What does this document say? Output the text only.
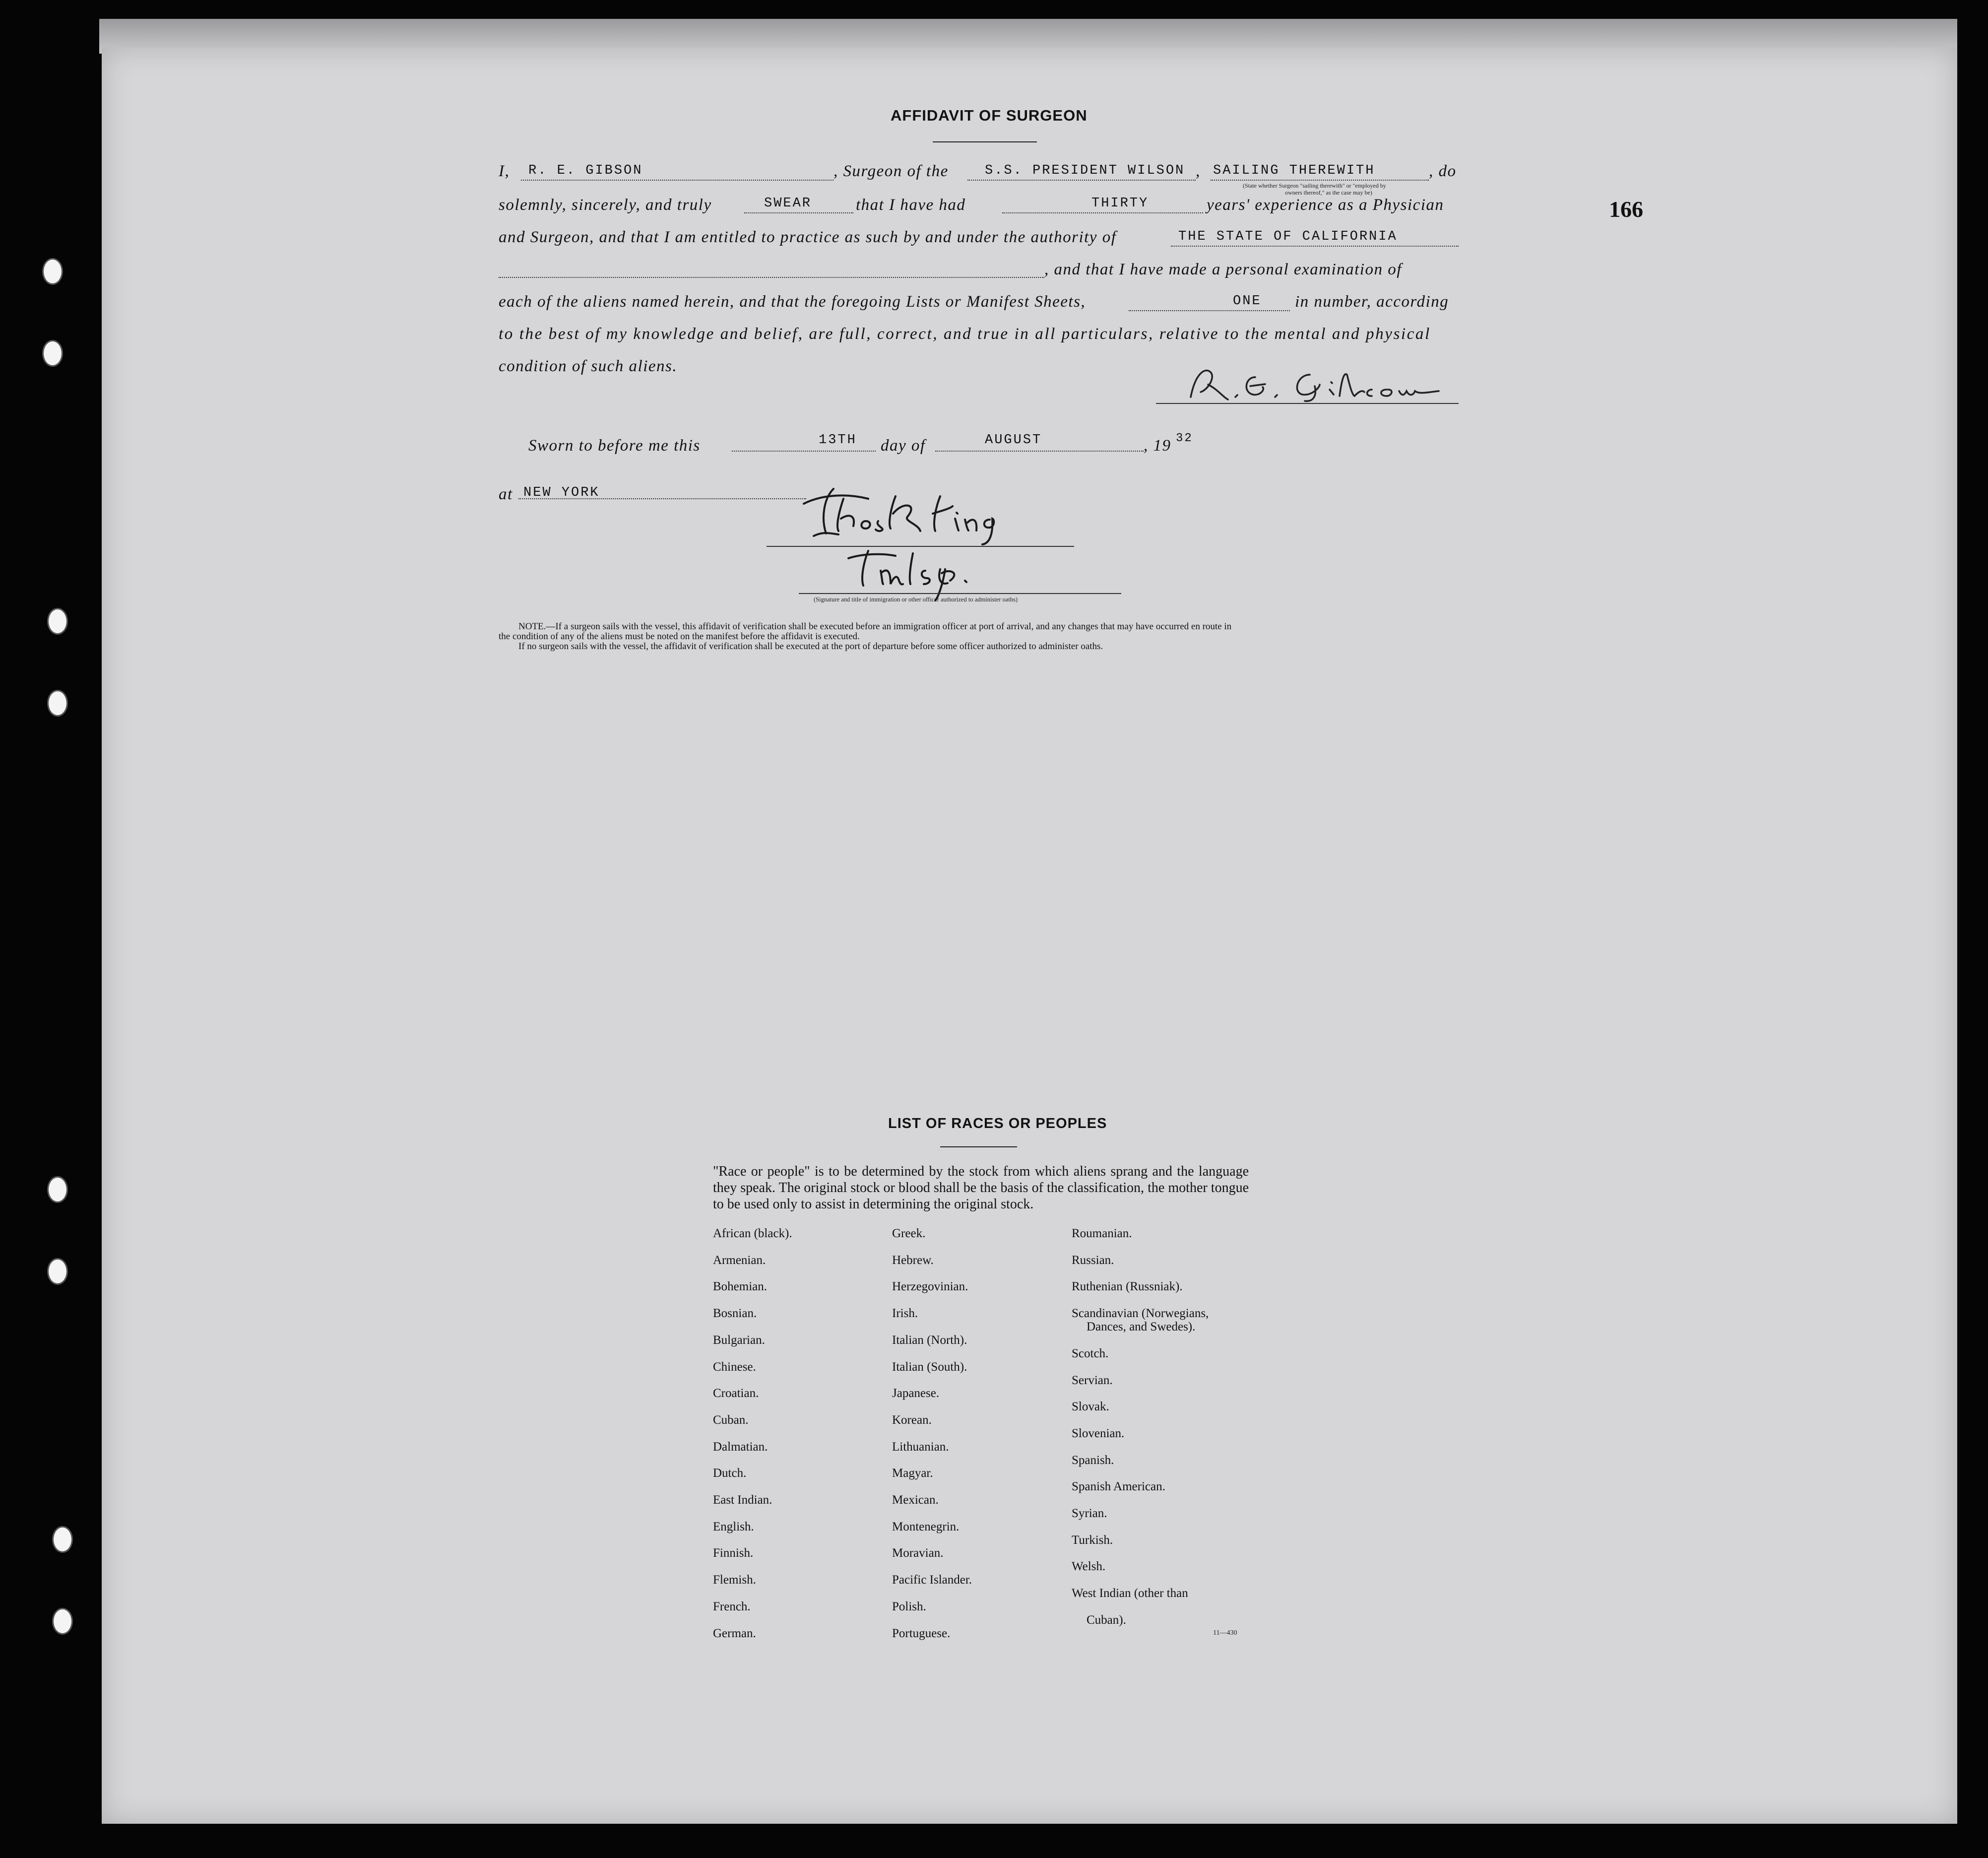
166
AFFIDAVIT OF SURGEON
I, R. E. GIBSON	, Surgeon of the	S.S. PRESIDENT WILSON , SAILING THEREWITH	, do
(State whether Surgeon "sailing therewith" or "employed by
owners thereof," as the case may be)
solemnly, sincerely, and truly	SWEAR	that I have had	THIRTY	years' experience as a Physician
and Surgeon, and that I am entitled to practice as such by and under the authority of	THE STATE OF CALIFORNIA
, and that I have made a personal examination of
each of the aliens named herein, and that the foregoing Lists or Manifest Sheets,	ONE in number, according
to the best of my knowledge and belief, are full, correct, and true in all particulars, relative to the mental and physical
condition of such aliens.
Sworn to before me this	13TH day of	AUGUST	, 19 32
at NEW YORK
(Signature and title of immigration or other officer authorized to administer oaths)
NOTE.—If a surgeon sails with the vessel, this affidavit of verification shall be executed before an immigration officer at port of arrival, and any changes that may have occurred en route in
the condition of any of the aliens must be noted on the manifest before the affidavit is executed.
If no surgeon sails with the vessel, the affidavit of verification shall be executed at the port of departure before some officer authorized to administer oaths.
LIST OF RACES OR PEOPLES
"Race or people" is to be determined by the stock from which aliens sprang and the language they speak. The original stock or blood shall be the basis of the classification, the mother tongue to be used only to assist in determining the original stock.
African (black).
Armenian.
Bohemian.
Bosnian.
Bulgarian.
Chinese.
Croatian.
Cuban.
Dalmatian.
Dutch.
East Indian.
English.
Finnish.
Flemish.
French.
German.
Greek.
Hebrew.
Herzegovinian.
Irish.
Italian (North).
Italian (South).
Japanese.
Korean.
Lithuanian.
Magyar.
Mexican.
Montenegrin.
Moravian.
Pacific Islander.
Polish.
Portuguese.
Roumanian.
Russian.
Ruthenian (Russniak).
Scandinavian (Norwegians,
Dances, and Swedes).
Scotch.
Servian.
Slovak.
Slovenian.
Spanish.
Spanish American.
Syrian.
Turkish.
Welsh.
West Indian (other than
Cuban).
11—430
